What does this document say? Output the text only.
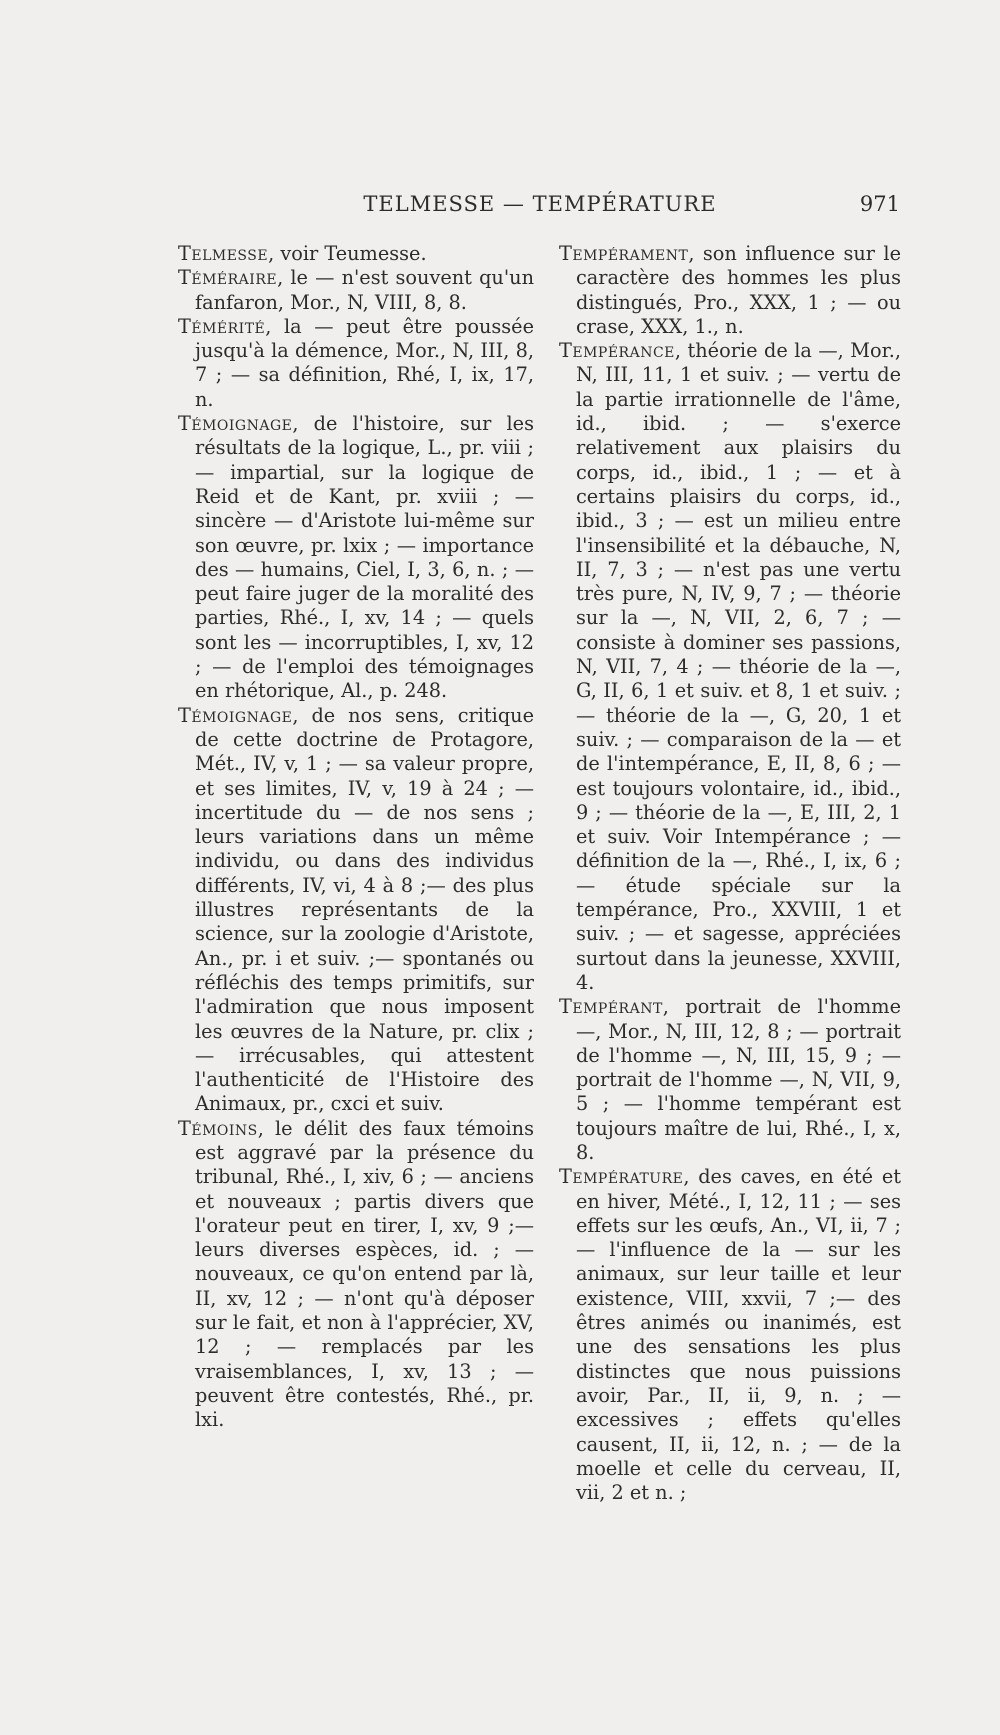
TELMESSE — TEMPÉRATURE	971

Telmesse, voir Teumesse.

Téméraire, le — n'est souvent qu'un fanfaron, Mor., N, VIII, 8, 8.

Témérité, la — peut être poussée jusqu'à la démence, Mor., N, III, 8, 7 ; — sa définition, Rhé, I, ix, 17, n.

Témoignage, de l'histoire, sur les résultats de la logique, L., pr. viii ; — impartial, sur la logique de Reid et de Kant, pr. xviii ; — sincère — d'Aristote lui-même sur son œuvre, pr. lxix ; — importance des — humains, Ciel, I, 3, 6, n. ; — peut faire juger de la moralité des parties, Rhé., I, xv, 14 ; — quels sont les — incorruptibles, I, xv, 12 ; — de l'emploi des témoignages en rhétorique, Al., p. 248.

Témoignage, de nos sens, critique de cette doctrine de Protagore, Mét., IV, v, 1 ; — sa valeur propre, et ses limites, IV, v, 19 à 24 ; — incertitude du — de nos sens ; leurs variations dans un même individu, ou dans des individus différents, IV, vi, 4 à 8 ;— des plus illustres représentants de la science, sur la zoologie d'Aristote, An., pr. i et suiv. ;— spontanés ou réfléchis des temps primitifs, sur l'admiration que nous imposent les œuvres de la Nature, pr. clix ; — irrécusables, qui attestent l'authenticité de l'Histoire des Animaux, pr., cxci et suiv.

Témoins, le délit des faux témoins est aggravé par la présence du tribunal, Rhé., I, xiv, 6 ; — anciens et nouveaux ; partis divers que l'orateur peut en tirer, I, xv, 9 ;—leurs diverses espèces, id. ; — nouveaux, ce qu'on entend par là, II, xv, 12 ; — n'ont qu'à déposer sur le fait, et non à l'apprécier, XV, 12 ; — remplacés par les vraisemblances, I, xv, 13 ; — peuvent être contestés, Rhé., pr. lxi.

Tempérament, son influence sur le caractère des hommes les plus distingués, Pro., XXX, 1 ; — ou crase, XXX, 1., n.

Tempérance, théorie de la —, Mor., N, III, 11, 1 et suiv. ; — vertu de la partie irrationnelle de l'âme, id., ibid. ; — s'exerce relativement aux plaisirs du corps, id., ibid., 1 ; — et à certains plaisirs du corps, id., ibid., 3 ; — est un milieu entre l'insensibilité et la débauche, N, II, 7, 3 ; — n'est pas une vertu très pure, N, IV, 9, 7 ; — théorie sur la —, N, VII, 2, 6, 7 ; — consiste à dominer ses passions, N, VII, 7, 4 ; — théorie de la —, G, II, 6, 1 et suiv. et 8, 1 et suiv. ; — théorie de la —, G, 20, 1 et suiv. ; — comparaison de la — et de l'intempérance, E, II, 8, 6 ; — est toujours volontaire, id., ibid., 9 ; — théorie de la —, E, III, 2, 1 et suiv. Voir Intempérance ; — définition de la —, Rhé., I, ix, 6 ; — étude spéciale sur la tempérance, Pro., XXVIII, 1 et suiv. ; — et sagesse, appréciées surtout dans la jeunesse, XXVIII, 4.

Tempérant, portrait de l'homme —, Mor., N, III, 12, 8 ; — portrait de l'homme —, N, III, 15, 9 ; — portrait de l'homme —, N, VII, 9, 5 ; — l'homme tempérant est toujours maître de lui, Rhé., I, x, 8.

Température, des caves, en été et en hiver, Mété., I, 12, 11 ; — ses effets sur les œufs, An., VI, ii, 7 ; — l'influence de la — sur les animaux, sur leur taille et leur existence, VIII, xxvii, 7 ;— des êtres animés ou inanimés, est une des sensations les plus distinctes que nous puissions avoir, Par., II, ii, 9, n. ; —excessives ; effets qu'elles causent, II, ii, 12, n. ; — de la moelle et celle du cerveau, II, vii, 2 et n. ;
